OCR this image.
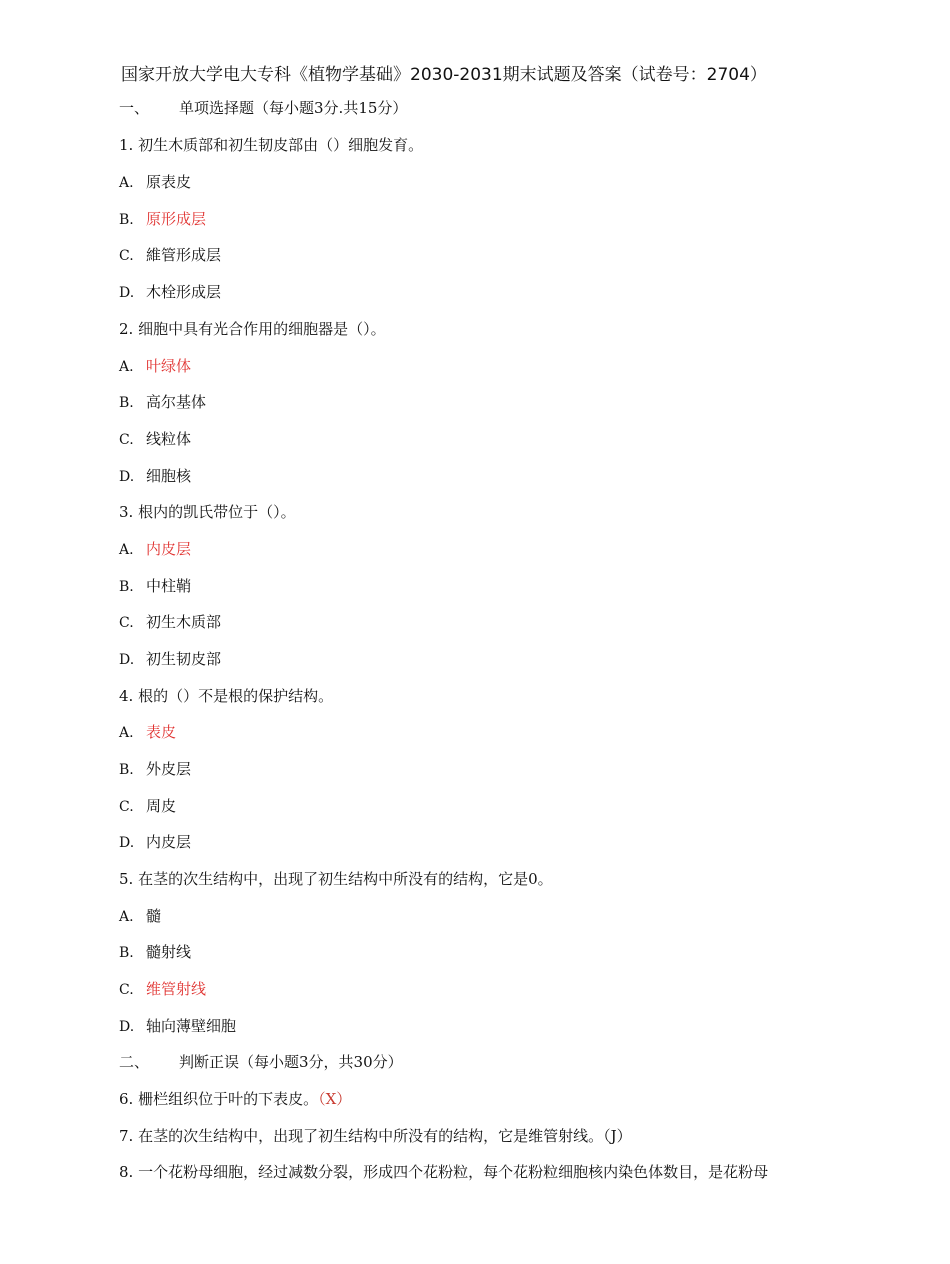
国家开放大学电大专科《植物学基础》2030-2031期末试题及答案（试卷号：2704）
一、 单项选择题（每小题3分.共15分）
1. 初生木质部和初生韧皮部由（）细胞发育。
A. 原表皮
B. 原形成层
C. 維管形成层
D. 木栓形成层
2. 细胞中具有光合作用的细胞器是（）。
A. 叶绿体
B. 高尔基体
C. 线粒体
D. 细胞核
3. 根内的凯氏带位于（）。
A. 内皮层
B. 中柱鞘
C. 初生木质部
D. 初生韧皮部
4. 根的（）不是根的保护结构。
A. 表皮
B. 外皮层
C. 周皮
D. 内皮层
5. 在茎的次生结构中，出现了初生结构中所没有的结构，它是0。
A. 髓
B. 髓射线
C. 维管射线
D. 轴向薄壁细胞
二、 判断正误（每小题3分，共30分）
6. 栅栏组织位于叶的下表皮。（X）
7. 在茎的次生结构中，出现了初生结构中所没有的结构，它是维管射线。（J）
8. 一个花粉母细胞，经过减数分裂，形成四个花粉粒，每个花粉粒细胞核内染色体数目，是花粉母
